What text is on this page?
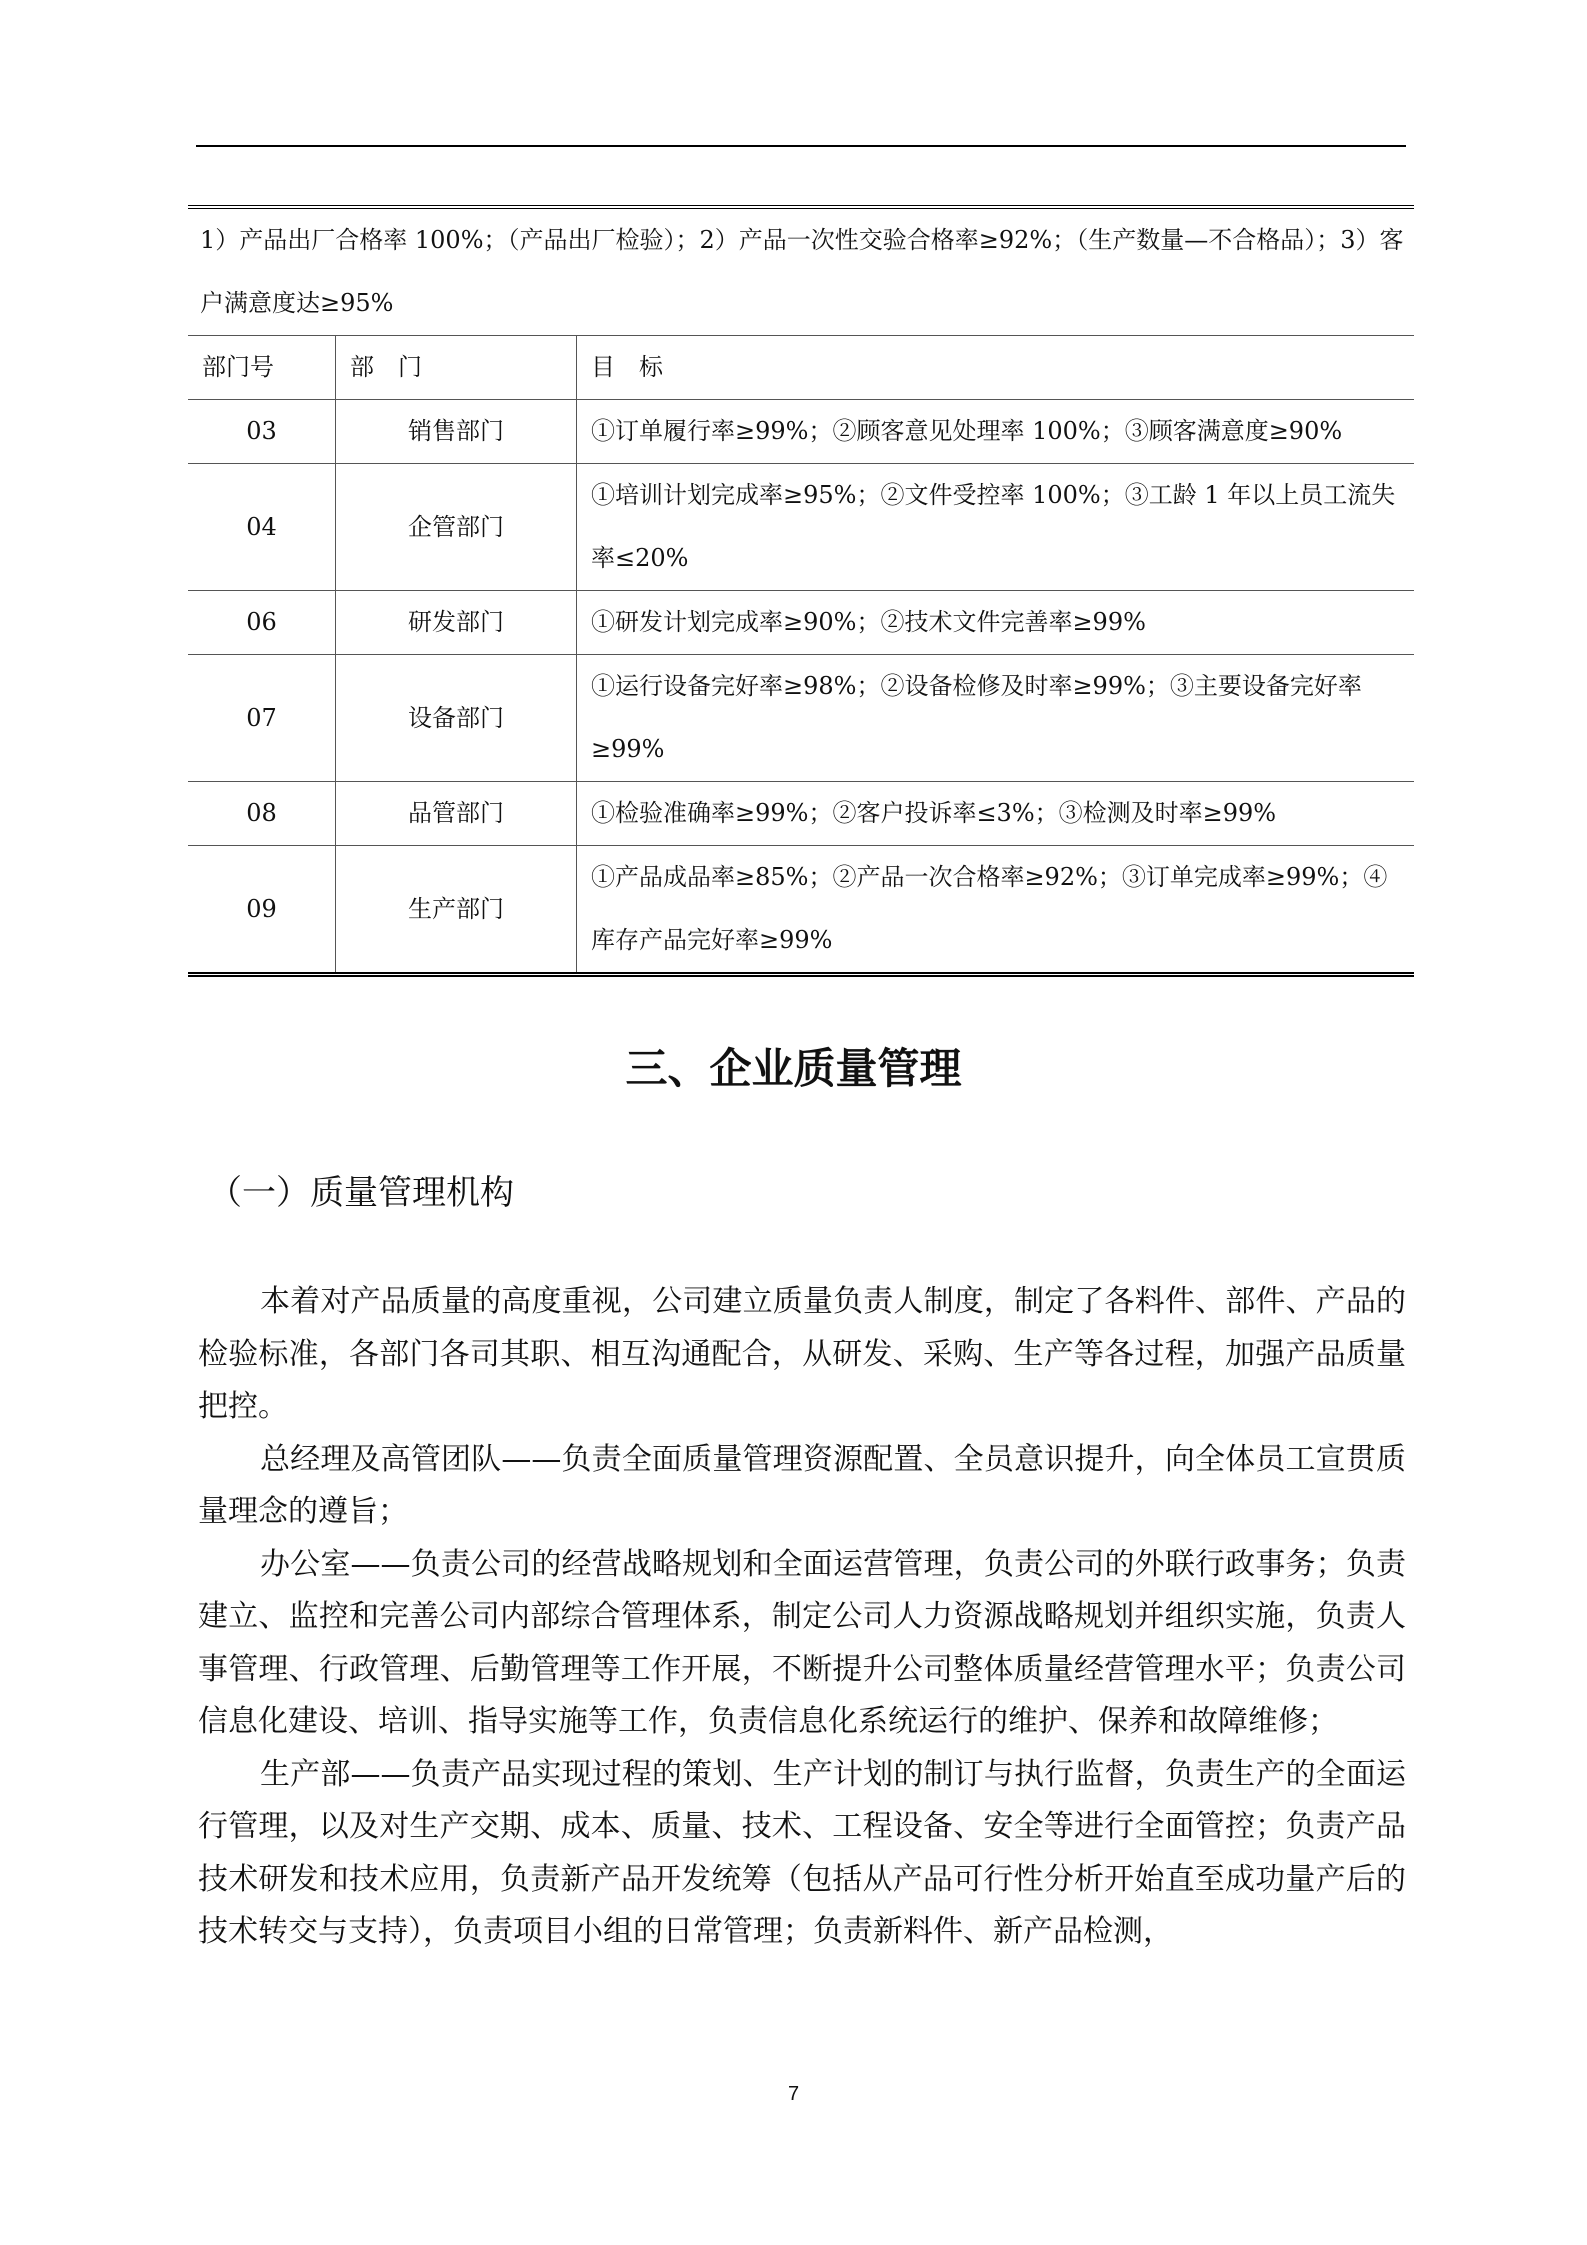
1）产品出厂合格率 100%；（产品出厂检验）；2）产品一次性交验合格率≥92%；（生产数量—不合格品）；3）客户满意度达≥95%		
部门号	部　门	目　标
03	销售部门	①订单履行率≥99%；②顾客意见处理率 100%；③顾客满意度≥90%
04	企管部门	①培训计划完成率≥95%；②文件受控率 100%；③工龄 1 年以上员工流失率≤20%
06	研发部门	①研发计划完成率≥90%；②技术文件完善率≥99%
07	设备部门	①运行设备完好率≥98%；②设备检修及时率≥99%；③主要设备完好率≥99%
08	品管部门	①检验准确率≥99%；②客户投诉率≤3%；③检测及时率≥99%
09	生产部门	①产品成品率≥85%；②产品一次合格率≥92%；③订单完成率≥99%；④库存产品完好率≥99%
三、企业质量管理
（一）质量管理机构

本着对产品质量的高度重视，公司建立质量负责人制度，制定了各料件、部件、产品的检验标准，各部门各司其职、相互沟通配合，从研发、采购、生产等各过程，加强产品质量把控。

总经理及高管团队——负责全面质量管理资源配置、全员意识提升，向全体员工宣贯质量理念的遵旨；

办公室——负责公司的经营战略规划和全面运营管理，负责公司的外联行政事务；负责建立、监控和完善公司内部综合管理体系，制定公司人力资源战略规划并组织实施，负责人事管理、行政管理、后勤管理等工作开展，不断提升公司整体质量经营管理水平；负责公司信息化建设、培训、指导实施等工作，负责信息化系统运行的维护、保养和故障维修；

生产部——负责产品实现过程的策划、生产计划的制订与执行监督，负责生产的全面运行管理，以及对生产交期、成本、质量、技术、工程设备、安全等进行全面管控；负责产品技术研发和技术应用，负责新产品开发统筹（包括从产品可行性分析开始直至成功量产后的技术转交与支持），负责项目小组的日常管理；负责新料件、新产品检测，

7
